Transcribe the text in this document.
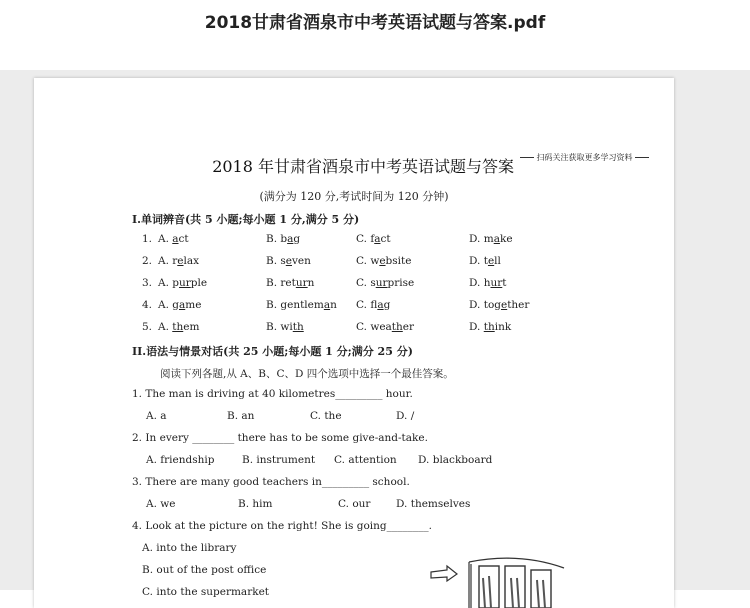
2018甘肃省酒泉市中考英语试题与答案.pdf
2018 年甘肃省酒泉市中考英语试题与答案	扫码关注获取更多学习资料
(满分为 120 分,考试时间为 120 分钟)
I.单词辨音(共 5 小题;每小题 1 分,满分 5 分)
1. A. act	B. bag	C. fact	D. make
2. A. relax	B. seven	C. website	D. tell
3. A. purple	B. return	C. surprise	D. hurt
4. A. game	B. gentleman C. flag	D. together
5. A. them	B. with	C. weather	D. think
II.语法与情景对话(共 25 小题;每小题 1 分;满分 25 分)
阅读下列各题,从 A、B、C、D 四个选项中选择一个最佳答案。
1. The man is driving at 40 kilometres_________ hour.
A. a	B. an	C. the	D. /
2. In every ________ there has to be some give-and-take.
A. friendship	B. instrument C. attention D. blackboard
3. There are many good teachers in_________ school.
A. we	B. him	C. our D. themselves
4. Look at the picture on the right! She is going________.
A. into the library
B. out of the post office
C. into the supermarket
